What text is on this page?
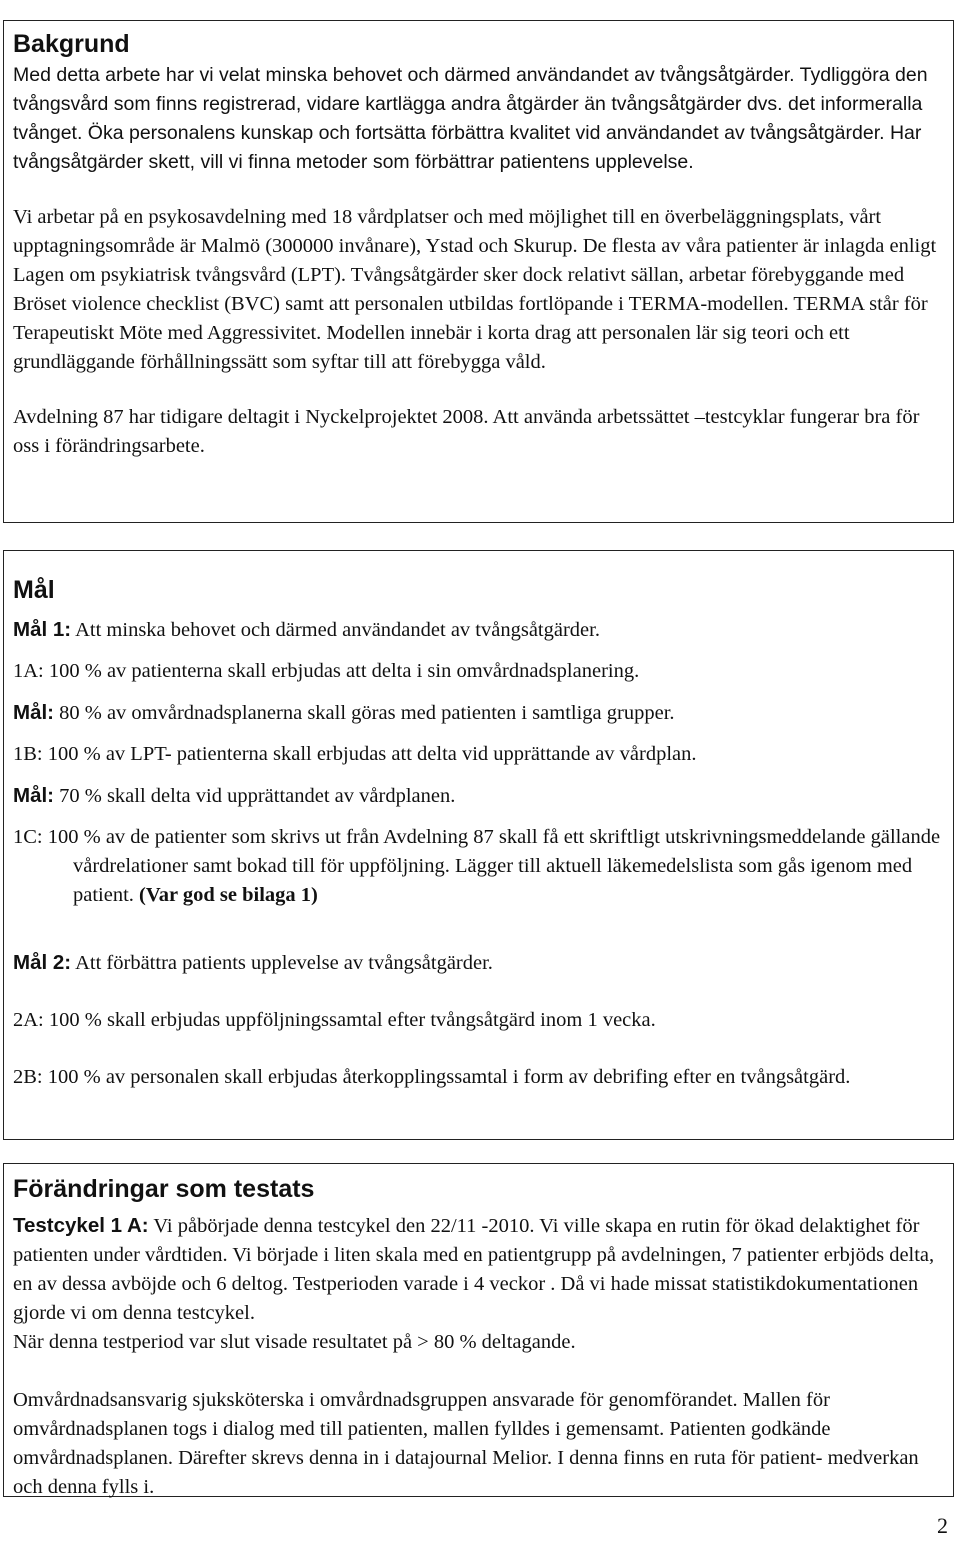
Bakgrund

Med detta arbete har vi velat minska behovet och därmed användandet av tvångsåtgärder. Tydliggöra den tvångsvård som finns registrerad, vidare kartlägga andra åtgärder än tvångsåtgärder dvs. det informeralla tvånget. Öka personalens kunskap och fortsätta förbättra kvalitet vid användandet av tvångsåtgärder. Har tvångsåtgärder skett, vill vi finna metoder som förbättrar patientens upplevelse.

Vi arbetar på en psykosavdelning med 18 vårdplatser och med möjlighet till en överbeläggningsplats, vårt upptagningsområde är Malmö (300000 invånare), Ystad och Skurup. De flesta av våra patienter är inlagda enligt Lagen om psykiatrisk tvångsvård (LPT). Tvångsåtgärder sker dock relativt sällan, arbetar förebyggande med Bröset violence checklist (BVC) samt att personalen utbildas fortlöpande i TERMA-modellen. TERMA står för Terapeutiskt Möte med Aggressivitet. Modellen innebär i korta drag att personalen lär sig teori och ett grundläggande förhållningssätt som syftar till att förebygga våld.

Avdelning 87 har tidigare deltagit i Nyckelprojektet 2008. Att använda arbetssättet –testcyklar fungerar bra för oss i förändringsarbete.

Mål

Mål 1: Att minska behovet och därmed användandet av tvångsåtgärder.

1A: 100 % av patienterna skall erbjudas att delta i sin omvårdnadsplanering.

Mål: 80 % av omvårdnadsplanerna skall göras med patienten i samtliga grupper.

1B: 100 % av LPT- patienterna skall erbjudas att delta vid upprättande av vårdplan.

Mål: 70 % skall delta vid upprättandet av vårdplanen.

1C: 100 % av de patienter som skrivs ut från Avdelning 87 skall få ett skriftligt utskrivningsmeddelande gällande vårdrelationer samt bokad till för uppföljning. Lägger till aktuell läkemedelslista som gås igenom med patient. (Var god se bilaga 1)

Mål 2: Att förbättra patients upplevelse av tvångsåtgärder.

2A: 100 % skall erbjudas uppföljningssamtal efter tvångsåtgärd inom 1 vecka.

2B: 100 % av personalen skall erbjudas återkopplingssamtal i form av debrifing efter en tvångsåtgärd.

Förändringar som testats

Testcykel 1 A: Vi påbörjade denna testcykel den 22/11 -2010. Vi ville skapa en rutin för ökad delaktighet för patienten under vårdtiden. Vi började i liten skala med en patientgrupp på avdelningen, 7 patienter erbjöds delta, en av dessa avböjde och 6 deltog. Testperioden varade i 4 veckor . Då vi hade missat statistikdokumentationen gjorde vi om denna testcykel.

När denna testperiod var slut visade resultatet på > 80 % deltagande.

Omvårdnadsansvarig sjuksköterska i omvårdnadsgruppen ansvarade för genomförandet. Mallen för omvårdnadsplanen togs i dialog med till patienten, mallen fylldes i gemensamt. Patienten godkände omvårdnadsplanen. Därefter skrevs denna in i datajournal Melior. I denna finns en ruta för patient- medverkan och denna fylls i.

2
